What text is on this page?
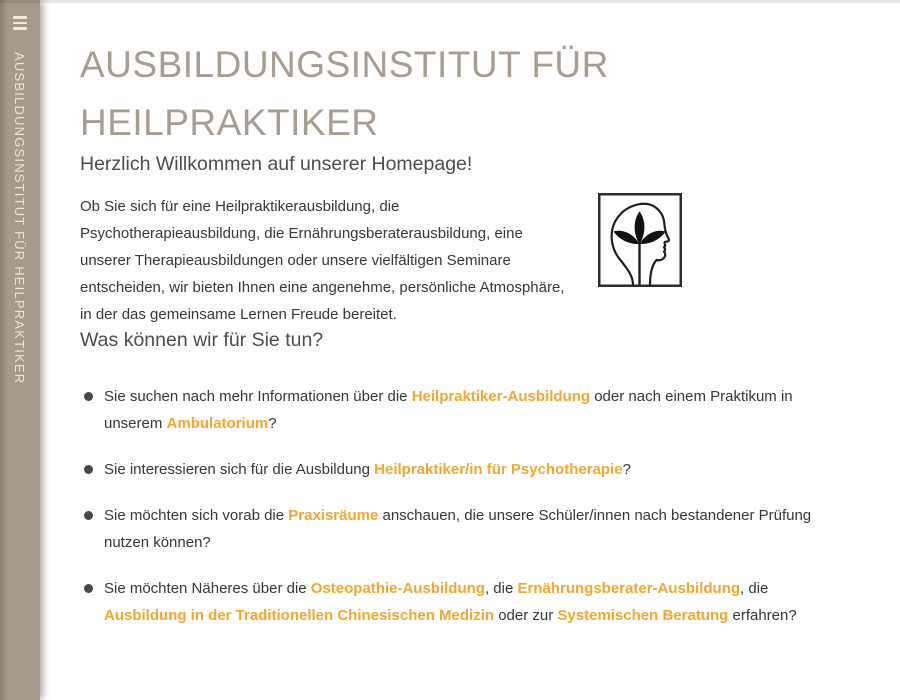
AUSBILDUNGSINSTITUT FÜR HEILPRAKTIKER AUSBILDUNGSINSTITUT FÜR HEILPRAKTIKER
Herzlich Willkommen auf unserer Homepage!

Ob Sie sich für eine Heilpraktikerausbildung, die Psychotherapieausbildung, die Ernährungsberaterausbildung, eine unserer Therapieausbildungen oder unsere vielfältigen Seminare entscheiden, wir bieten Ihnen eine angenehme, persönliche Atmosphäre, in der das gemeinsame Lernen Freude bereitet.

Was können wir für Sie tun?
Sie suchen nach mehr Informationen über die Heilpraktiker-Ausbildung oder nach einem Praktikum in unserem Ambulatorium?
Sie interessieren sich für die Ausbildung Heilpraktiker/in für Psychotherapie?
Sie möchten sich vorab die Praxisräume anschauen, die unsere Schüler/innen nach bestandener Prüfung nutzen können?
Sie möchten Näheres über die Osteopathie-Ausbildung, die Ernährungsberater-Ausbildung, die Ausbildung in der Traditionellen Chinesischen Medizin oder zur Systemischen Beratung erfahren?
